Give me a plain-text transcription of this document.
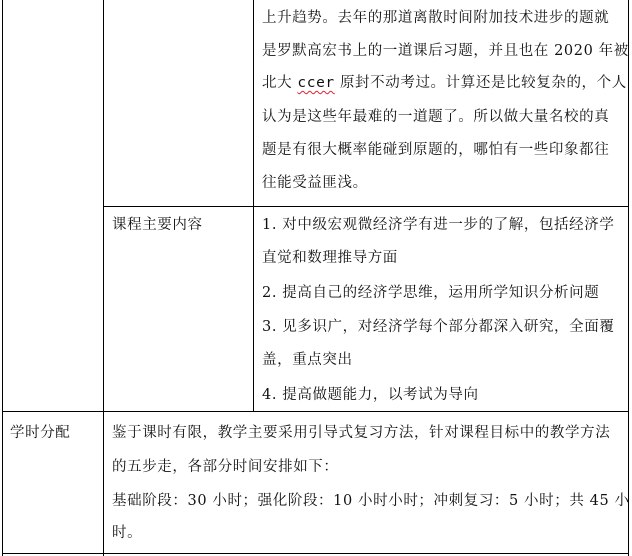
上升趋势。去年的那道离散时间附加技术进步的题就
是罗默高宏书上的一道课后习题，并且也在 2020 年被
北大 ccer 原封不动考过。计算还是比较复杂的，个人
认为是这些年最难的一道题了。所以做大量名校的真
题是有很大概率能碰到原题的，哪怕有一些印象都往
往能受益匪浅。
课程主要内容	1. 对中级宏观微经济学有进一步的了解，包括经济学
直觉和数理推导方面
2. 提高自己的经济学思维，运用所学知识分析问题
3. 见多识广，对经济学每个部分都深入研究，全面覆
盖，重点突出
4. 提高做题能力，以考试为导向
学时分配	鉴于课时有限，教学主要采用引导式复习方法，针对课程目标中的教学方法
的五步走，各部分时间安排如下：
基础阶段：30 小时；强化阶段：10 小时小时；冲刺复习：5 小时；共 45 小
时。
